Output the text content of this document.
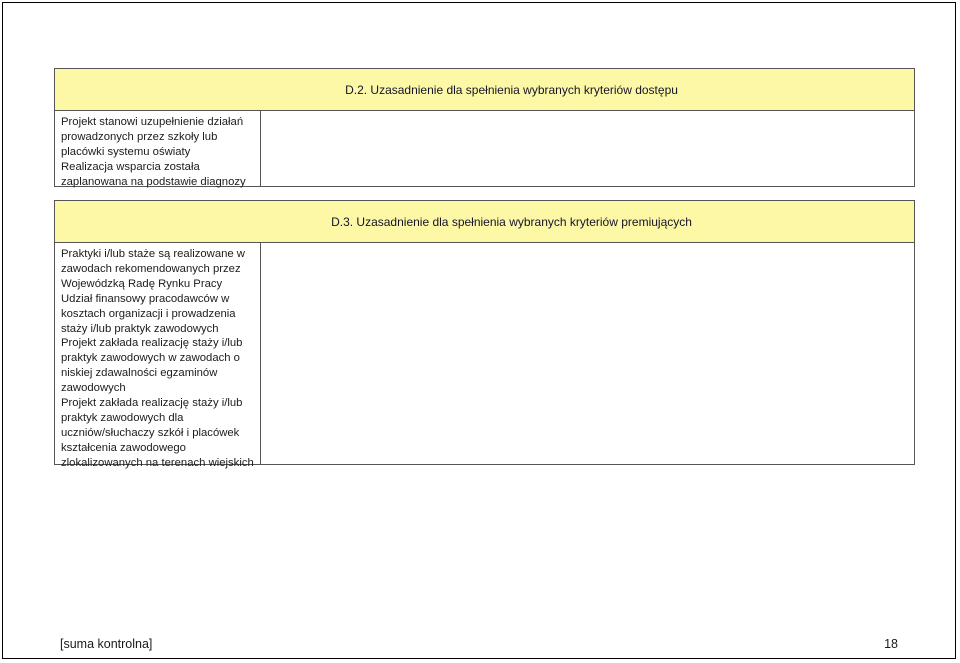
D.2. Uzasadnienie dla spełnienia wybranych kryteriów dostępu

Projekt stanowi uzupełnienie działań prowadzonych przez szkoły lub placówki systemu oświaty

Realizacja wsparcia została zaplanowana na podstawie diagnozy

D.3. Uzasadnienie dla spełnienia wybranych kryteriów premiujących

Praktyki i/lub staże są realizowane w zawodach rekomendowanych przez Wojewódzką Radę Rynku Pracy

Udział finansowy pracodawców w kosztach organizacji i prowadzenia staży i/lub praktyk zawodowych

Projekt zakłada realizację staży i/lub praktyk zawodowych w zawodach o niskiej zdawalności egzaminów zawodowych

Projekt zakłada realizację staży i/lub praktyk zawodowych dla uczniów/słuchaczy szkół i placówek kształcenia zawodowego zlokalizowanych na terenach wiejskich

[suma kontrolna]	18
